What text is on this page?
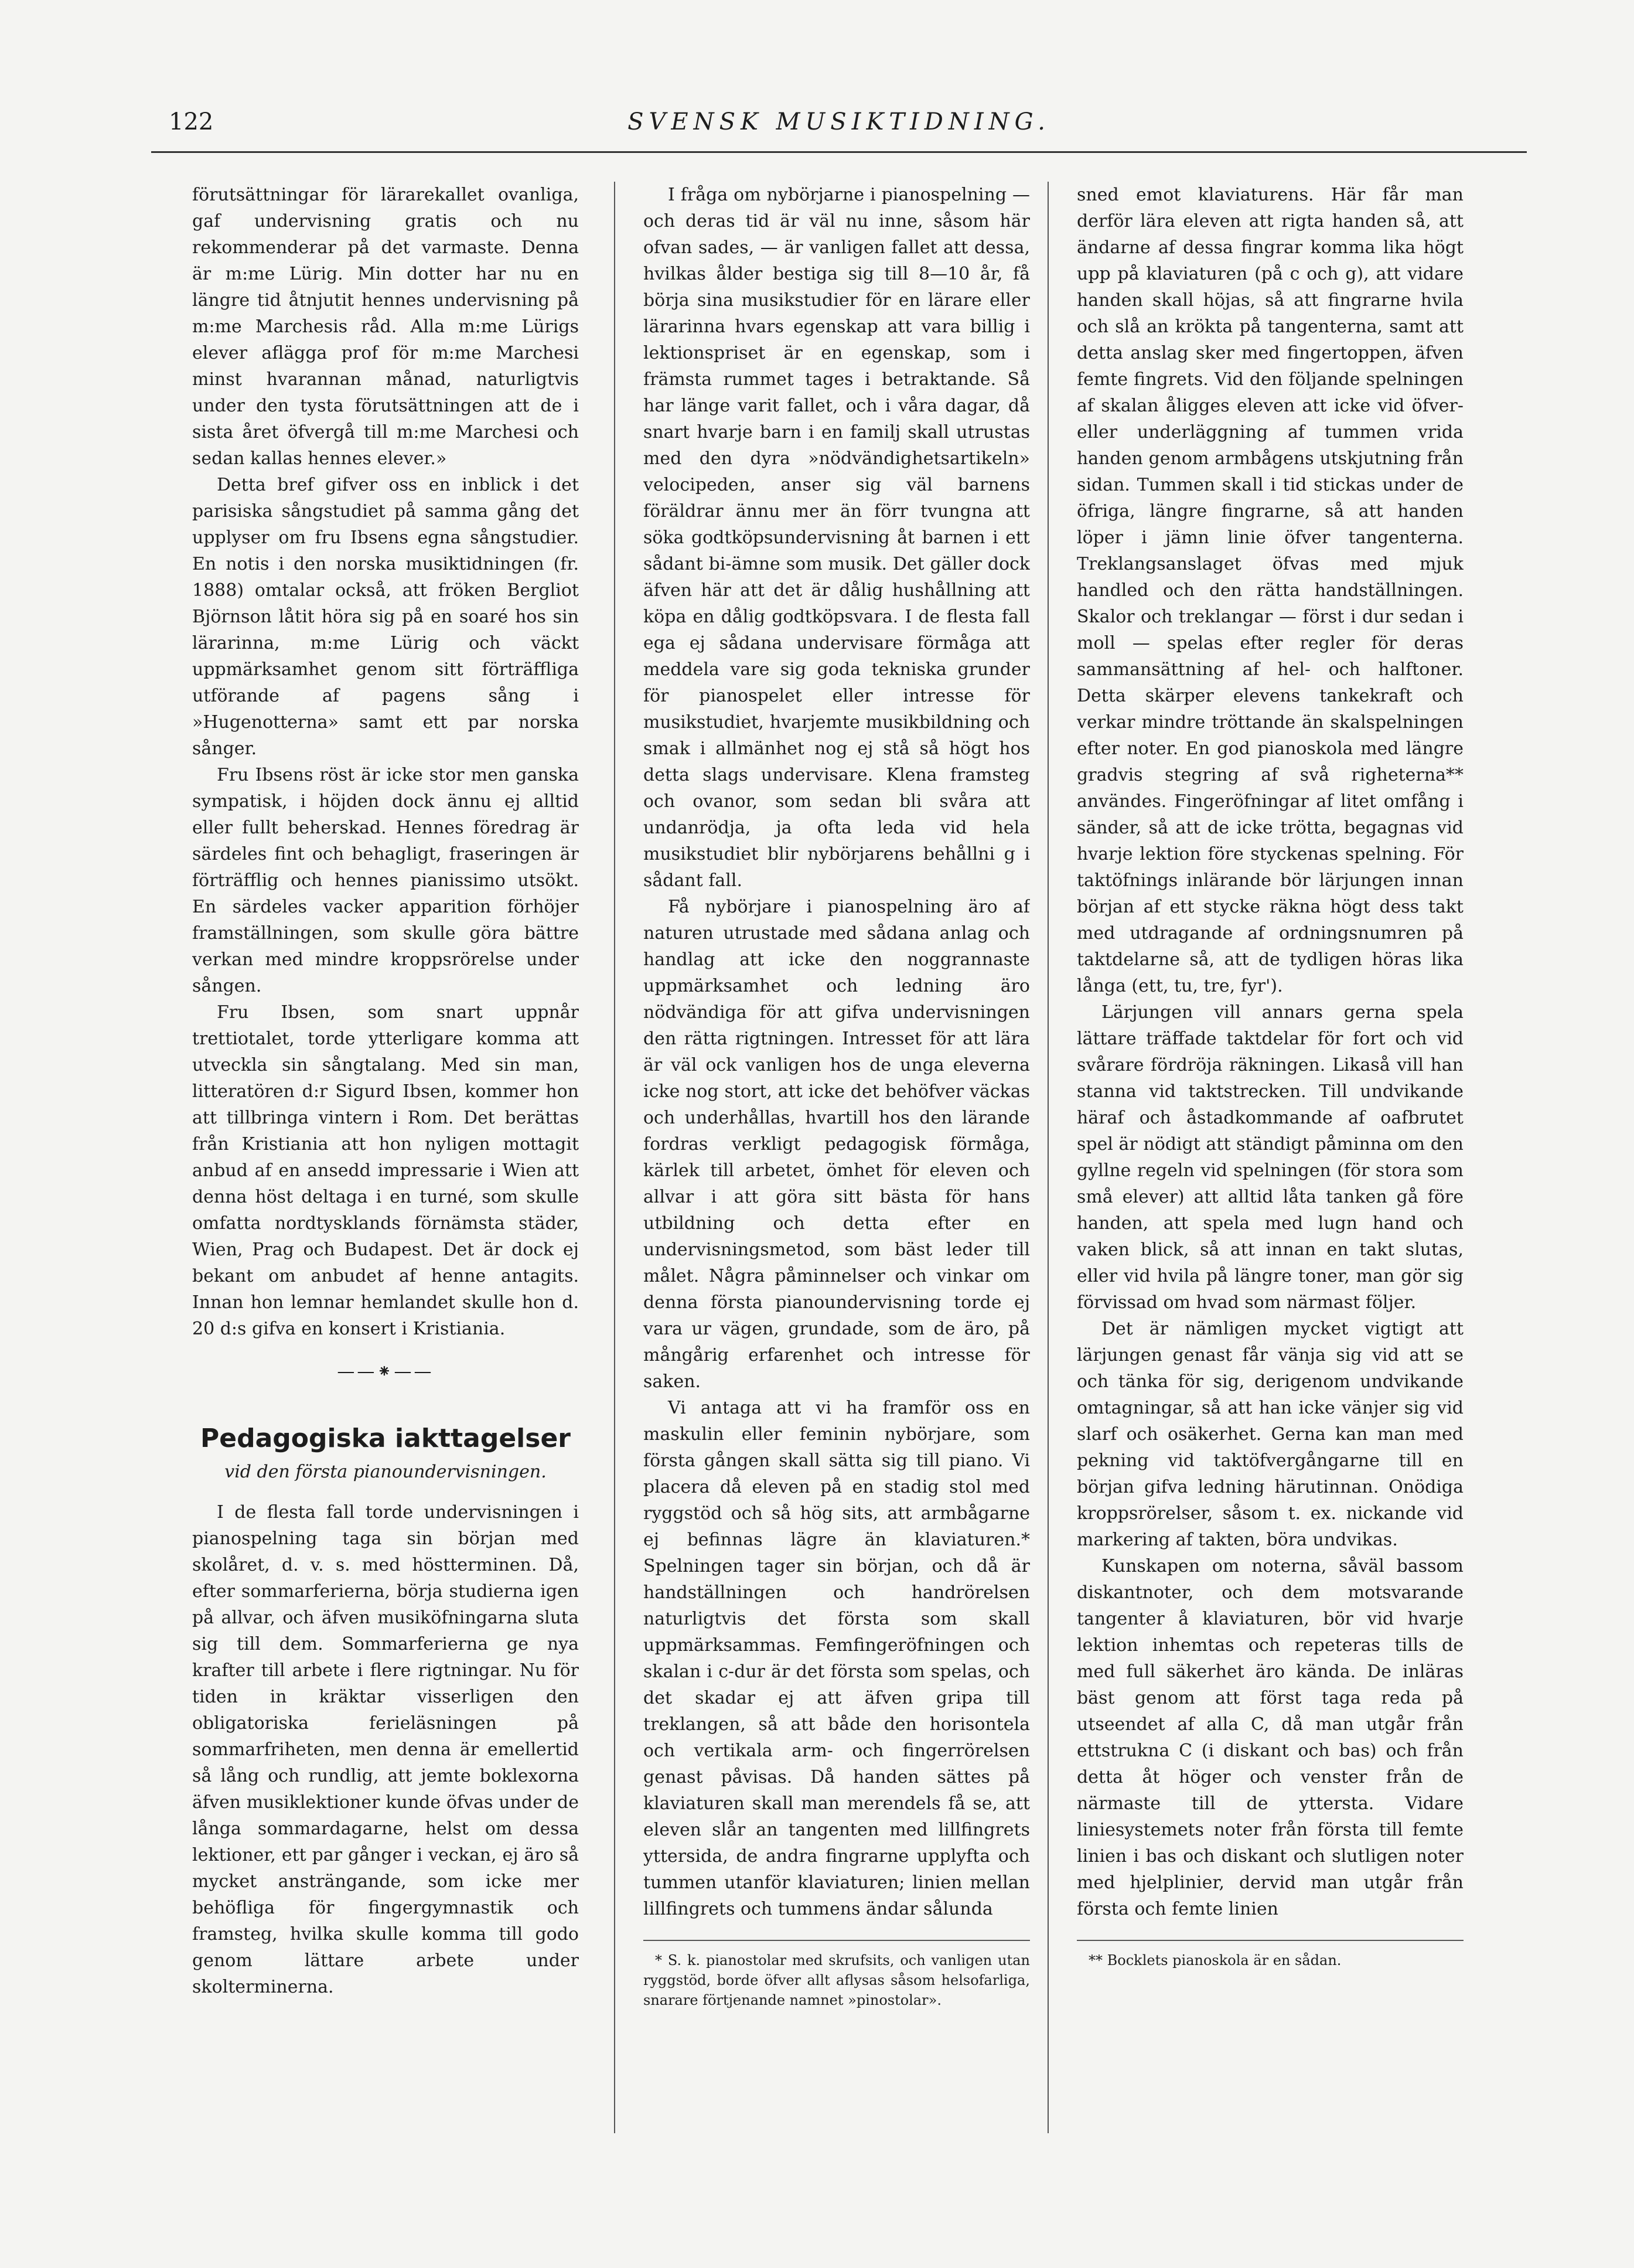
122	SVENSK MUSIKTIDNING.

förutsättningar för lärarekallet ovanliga, gaf undervisning gratis och nu rekommenderar på det varmaste. Denna är m:me Lürig. Min dotter har nu en längre tid åtnjutit hennes undervisning på m:me Marchesis råd. Alla m:me Lürigs elever aflägga prof för m:me Marchesi minst hvarannan månad, naturligtvis under den tysta förutsättningen att de i sista året öfvergå till m:me Marchesi och sedan kallas hennes elever.»

Detta bref gifver oss en inblick i det parisiska sångstudiet på samma gång det upplyser om fru Ibsens egna sångstudier. En notis i den norska musiktidningen (fr. 1888) omtalar också, att fröken Bergliot Björnson låtit höra sig på en soaré hos sin lärarinna, m:me Lürig och väckt uppmärksamhet genom sitt förträffliga utförande af pagens sång i »Hugenotterna» samt ett par norska sånger.

Fru Ibsens röst är icke stor men ganska sympatisk, i höjden dock ännu ej alltid eller fullt beherskad. Hennes föredrag är särdeles fint och behagligt, fraseringen är förträfflig och hennes pianissimo utsökt. En särdeles vacker apparition förhöjer framställningen, som skulle göra bättre verkan med mindre kroppsrörelse under sången.

Fru Ibsen, som snart uppnår trettiotalet, torde ytterligare komma att utveckla sin sångtalang. Med sin man, litteratören d:r Sigurd Ibsen, kommer hon att tillbringa vintern i Rom. Det berättas från Kristiania att hon nyligen mottagit anbud af en ansedd impressarie i Wien att denna höst deltaga i en turné, som skulle omfatta nordtysklands förnämsta städer, Wien, Prag och Budapest. Det är dock ej bekant om anbudet af henne antagits. Innan hon lemnar hemlandet skulle hon d. 20 d:s gifva en konsert i Kristiania.

——⁕——
Pedagogiska iakttagelser
vid den första pianoundervisningen.

I de flesta fall torde undervisningen i pianospelning taga sin början med skolåret, d. v. s. med höstterminen. Då, efter sommarferierna, börja studierna igen på allvar, och äfven musiköfningarna sluta sig till dem. Sommarferierna ge nya krafter till arbete i flere rigtningar. Nu för tiden in kräktar visserligen den obligatoriska ferieläsningen på sommarfriheten, men denna är emellertid så lång och rundlig, att jemte boklexorna äfven musiklektioner kunde öfvas under de långa sommardagarne, helst om dessa lektioner, ett par gånger i veckan, ej äro så mycket ansträngande, som icke mer behöfliga för fingergymnastik och framsteg, hvilka skulle komma till godo genom lättare arbete under skolterminerna.

I fråga om nybörjarne i pianospelning — och deras tid är väl nu inne, såsom här ofvan sades, — är vanligen fallet att dessa, hvilkas ålder bestiga sig till 8—10 år, få börja sina musikstudier för en lärare eller lärarinna hvars egenskap att vara billig i lektionspriset är en egenskap, som i främsta rummet tages i betraktande. Så har länge varit fallet, och i våra dagar, då snart hvarje barn i en familj skall utrustas med den dyra »nödvändighetsartikeln» velocipeden, anser sig väl barnens föräldrar ännu mer än förr tvungna att söka godtköpsundervisning åt barnen i ett sådant bi-ämne som musik. Det gäller dock äfven här att det är dålig hushållning att köpa en dålig godtköpsvara. I de flesta fall ega ej sådana undervisare förmåga att meddela vare sig goda tekniska grunder för pianospelet eller intresse för musikstudiet, hvarjemte musikbildning och smak i allmänhet nog ej stå så högt hos detta slags undervisare. Klena framsteg och ovanor, som sedan bli svåra att undanrödja, ja ofta leda vid hela musikstudiet blir nybörjarens behållni g i sådant fall.

Få nybörjare i pianospelning äro af naturen utrustade med sådana anlag och handlag att icke den noggrannaste uppmärksamhet och ledning äro nödvändiga för att gifva undervisningen den rätta rigtningen. Intresset för att lära är väl ock vanligen hos de unga eleverna icke nog stort, att icke det behöfver väckas och underhållas, hvartill hos den lärande fordras verkligt pedagogisk förmåga, kärlek till arbetet, ömhet för eleven och allvar i att göra sitt bästa för hans utbildning och detta efter en undervisningsmetod, som bäst leder till målet. Några påminnelser och vinkar om denna första pianoundervisning torde ej vara ur vägen, grundade, som de äro, på mångårig erfarenhet och intresse för saken.

Vi antaga att vi ha framför oss en maskulin eller feminin nybörjare, som första gången skall sätta sig till piano. Vi placera då eleven på en stadig stol med ryggstöd och så hög sits, att armbågarne ej befinnas lägre än klaviaturen.* Spelningen tager sin början, och då är handställningen och handrörelsen naturligtvis det första som skall uppmärksammas. Femfingeröfningen och skalan i c-dur är det första som spelas, och det skadar ej att äfven gripa till treklangen, så att både den horisontela och vertikala arm- och fingerrörelsen genast påvisas. Då handen sättes på klaviaturen skall man merendels få se, att eleven slår an tangenten med lillfingrets yttersida, de andra fingrarne upplyfta och tummen utanför klaviaturen; linien mellan lillfingrets och tummens ändar sålunda

* S. k. pianostolar med skrufsits, och vanligen utan ryggstöd, borde öfver allt aflysas såsom helsofarliga, snarare förtjenande namnet »pinostolar».

sned emot klaviaturens. Här får man derför lära eleven att rigta handen så, att ändarne af dessa fingrar komma lika högt upp på klaviaturen (på c och g), att vidare handen skall höjas, så att fingrarne hvila och slå an krökta på tangenterna, samt att detta anslag sker med fingertoppen, äfven femte fingrets. Vid den följande spelningen af skalan åligges eleven att icke vid öfver- eller underläggning af tummen vrida handen genom armbågens utskjutning från sidan. Tummen skall i tid stickas under de öfriga, längre fingrarne, så att handen löper i jämn linie öfver tangenterna. Treklangsanslaget öfvas med mjuk handled och den rätta handställningen. Skalor och treklangar — först i dur sedan i moll — spelas efter regler för deras sammansättning af hel- och halftoner. Detta skärper elevens tankekraft och verkar mindre tröttande än skalspelningen efter noter. En god pianoskola med längre gradvis stegring af svå righeterna** användes. Fingeröfningar af litet omfång i sänder, så att de icke trötta, begagnas vid hvarje lektion före styckenas spelning. För taktöfnings inlärande bör lärjungen innan början af ett stycke räkna högt dess takt med utdragande af ordningsnumren på taktdelarne så, att de tydligen höras lika långa (ett, tu, tre, fyr').

Lärjungen vill annars gerna spela lättare träffade taktdelar för fort och vid svårare fördröja räkningen. Likaså vill han stanna vid taktstrecken. Till undvikande häraf och åstadkommande af oafbrutet spel är nödigt att ständigt påminna om den gyllne regeln vid spelningen (för stora som små elever) att alltid låta tanken gå före handen, att spela med lugn hand och vaken blick, så att innan en takt slutas, eller vid hvila på längre toner, man gör sig förvissad om hvad som närmast följer.

Det är nämligen mycket vigtigt att lärjungen genast får vänja sig vid att se och tänka för sig, derigenom undvikande omtagningar, så att han icke vänjer sig vid slarf och osäkerhet. Gerna kan man med pekning vid taktöfvergångarne till en början gifva ledning härutinnan. Onödiga kroppsrörelser, såsom t. ex. nickande vid markering af takten, böra undvikas.

Kunskapen om noterna, såväl bassom diskantnoter, och dem motsvarande tangenter å klaviaturen, bör vid hvarje lektion inhemtas och repeteras tills de med full säkerhet äro kända. De inläras bäst genom att först taga reda på utseendet af alla C, då man utgår från ettstrukna C (i diskant och bas) och från detta åt höger och venster från de närmaste till de yttersta. Vidare liniesystemets noter från första till femte linien i bas och diskant och slutligen noter med hjelplinier, dervid man utgår från första och femte linien

** Bocklets pianoskola är en sådan.
